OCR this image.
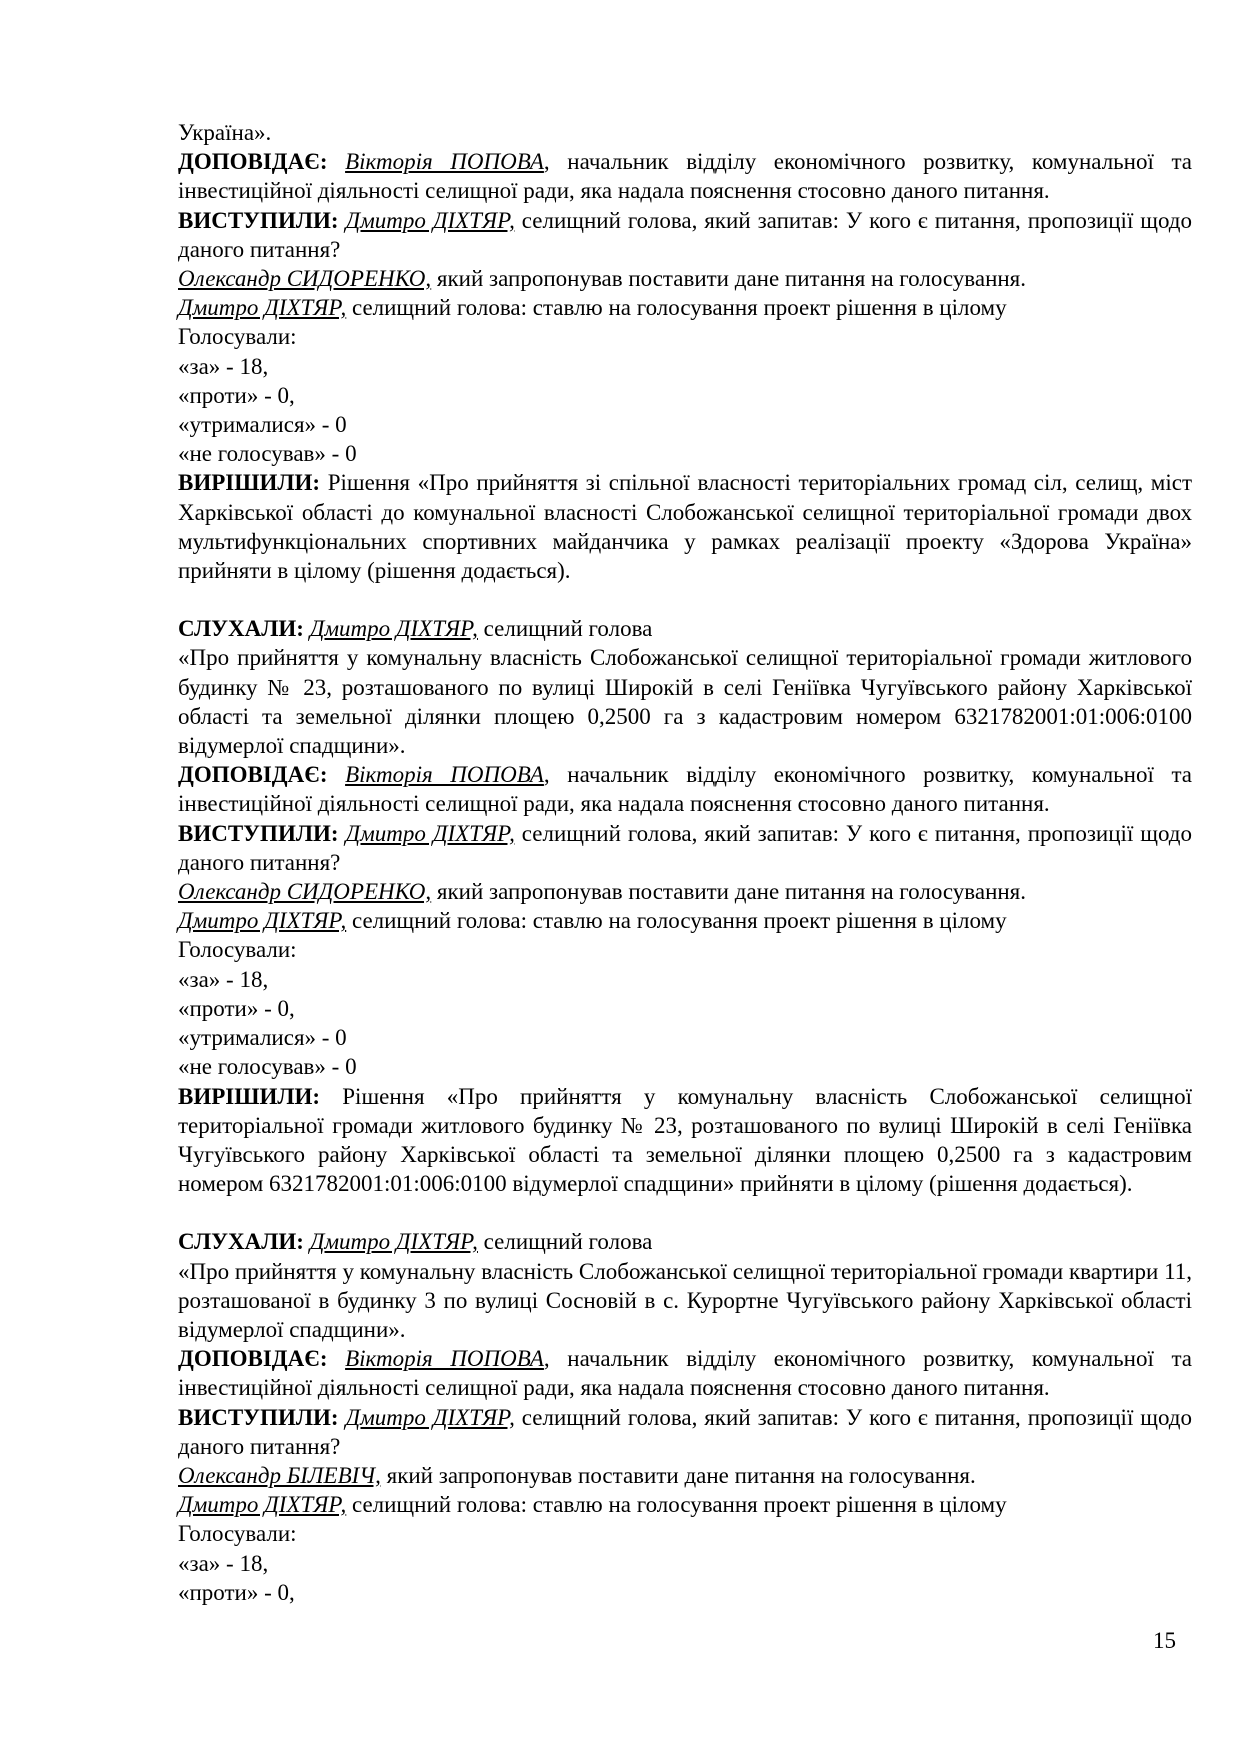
Україна».

ДОПОВІДАЄ: Вікторія ПОПОВА, начальник відділу економічного розвитку, комунальної та інвестиційної діяльності селищної ради, яка надала пояснення стосовно даного питання.

ВИСТУПИЛИ: Дмитро ДІХТЯР, селищний голова, який запитав: У кого є питання, пропозиції щодо даного питання?

Олександр СИДОРЕНКО, який запропонував поставити дане питання на голосування.

Дмитро ДІХТЯР, селищний голова: ставлю на голосування проект рішення в цілому

Голосували:

«за» - 18,

«проти» - 0,

«утрималися» - 0

«не голосував» - 0

ВИРІШИЛИ: Рішення «Про прийняття зі спільної власності територіальних громад сіл, селищ, міст Харківської області до комунальної власності Слобожанської селищної територіальної громади двох мультифункціональних спортивних майданчика у рамках реалізації проекту «Здорова Україна» прийняти в цілому (рішення додається).

СЛУХАЛИ: Дмитро ДІХТЯР, селищний голова

«Про прийняття у комунальну власність Слобожанської селищної територіальної громади житлового будинку № 23, розташованого по вулиці Широкій в селі Геніївка Чугуївського району Харківської області та земельної ділянки площею 0,2500 га з кадастровим номером 6321782001:01:006:0100 відумерлої спадщини».

ДОПОВІДАЄ: Вікторія ПОПОВА, начальник відділу економічного розвитку, комунальної та інвестиційної діяльності селищної ради, яка надала пояснення стосовно даного питання.

ВИСТУПИЛИ: Дмитро ДІХТЯР, селищний голова, який запитав: У кого є питання, пропозиції щодо даного питання?

Олександр СИДОРЕНКО, який запропонував поставити дане питання на голосування.

Дмитро ДІХТЯР, селищний голова: ставлю на голосування проект рішення в цілому

Голосували:

«за» - 18,

«проти» - 0,

«утрималися» - 0

«не голосував» - 0

ВИРІШИЛИ: Рішення «Про прийняття у комунальну власність Слобожанської селищної територіальної громади житлового будинку № 23, розташованого по вулиці Широкій в селі Геніївка Чугуївського району Харківської області та земельної ділянки площею 0,2500 га з кадастровим номером 6321782001:01:006:0100 відумерлої спадщини» прийняти в цілому (рішення додається).

СЛУХАЛИ: Дмитро ДІХТЯР, селищний голова

«Про прийняття у комунальну власність Слобожанської селищної територіальної громади квартири 11, розташованої в будинку 3 по вулиці Сосновій в с. Курортне Чугуївського району Харківської області відумерлої спадщини».

ДОПОВІДАЄ: Вікторія ПОПОВА, начальник відділу економічного розвитку, комунальної та інвестиційної діяльності селищної ради, яка надала пояснення стосовно даного питання.

ВИСТУПИЛИ: Дмитро ДІХТЯР, селищний голова, який запитав: У кого є питання, пропозиції щодо даного питання?

Олександр БІЛЕВІЧ, який запропонував поставити дане питання на голосування.

Дмитро ДІХТЯР, селищний голова: ставлю на голосування проект рішення в цілому

Голосували:

«за» - 18,

«проти» - 0,

15
